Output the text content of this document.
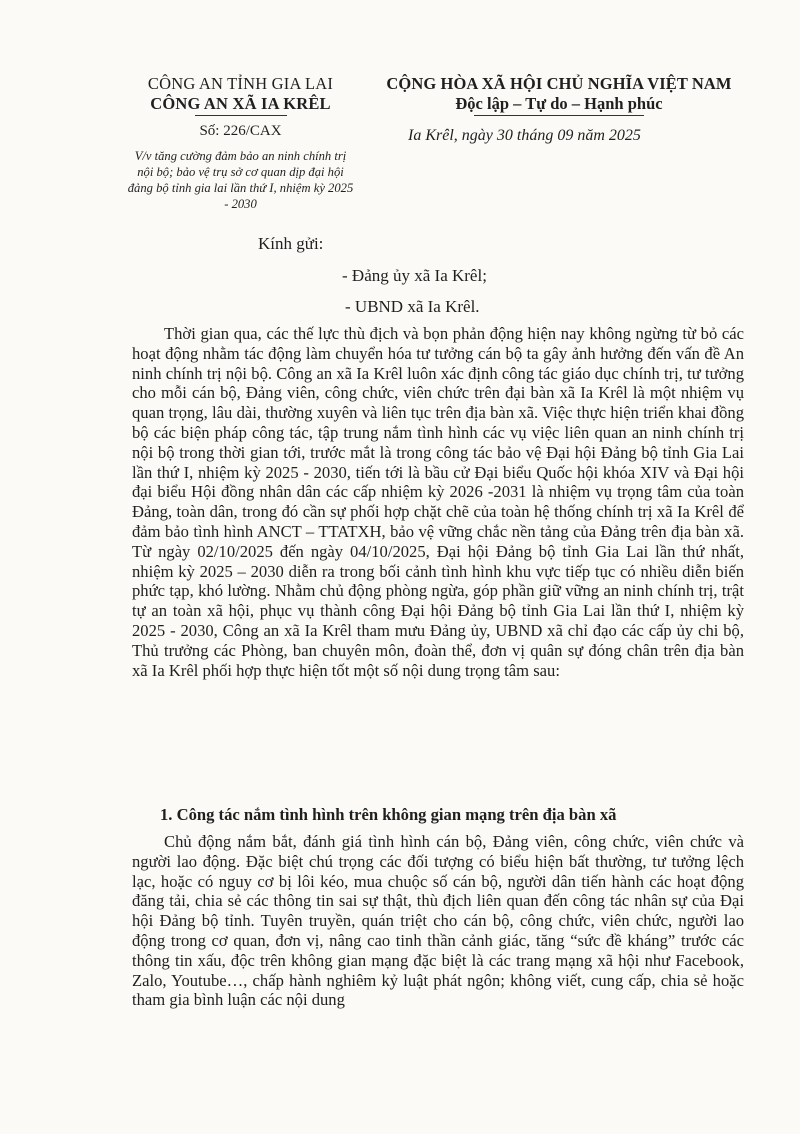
CÔNG AN TỈNH GIA LAI
CÔNG AN XÃ IA KRÊL
Số: 226/CAX
V/v tăng cường đảm bảo an ninh chính trị nội bộ; bảo vệ trụ sở cơ quan dịp đại hội đảng bộ tỉnh gia lai lần thứ I, nhiệm kỳ 2025 - 2030
CỘNG HÒA XÃ HỘI CHỦ NGHĨA VIỆT NAM
Độc lập – Tự do – Hạnh phúc
Ia Krêl, ngày 30 tháng 09 năm 2025
Kính gửi:
- Đảng ủy xã Ia Krêl;
- UBND xã Ia Krêl.

Thời gian qua, các thế lực thù địch và bọn phản động hiện nay không ngừng từ bỏ các hoạt động nhằm tác động làm chuyển hóa tư tưởng cán bộ ta gây ảnh hưởng đến vấn đề An ninh chính trị nội bộ. Công an xã Ia Krêl luôn xác định công tác giáo dục chính trị, tư tưởng cho mỗi cán bộ, Đảng viên, công chức, viên chức trên đại bàn xã Ia Krêl là một nhiệm vụ quan trọng, lâu dài, thường xuyên và liên tục trên địa bàn xã. Việc thực hiện triển khai đồng bộ các biện pháp công tác, tập trung nắm tình hình các vụ việc liên quan an ninh chính trị nội bộ trong thời gian tới, trước mắt là trong công tác bảo vệ Đại hội Đảng bộ tỉnh Gia Lai lần thứ I, nhiệm kỳ 2025 - 2030, tiến tới là bầu cử Đại biểu Quốc hội khóa XIV và Đại hội đại biểu Hội đồng nhân dân các cấp nhiệm kỳ 2026 -2031 là nhiệm vụ trọng tâm của toàn Đảng, toàn dân, trong đó cần sự phối hợp chặt chẽ của toàn hệ thống chính trị xã Ia Krêl để đảm bảo tình hình ANCT – TTATXH, bảo vệ vững chắc nền tảng của Đảng trên địa bàn xã. Từ ngày 02/10/2025 đến ngày 04/10/2025, Đại hội Đảng bộ tỉnh Gia Lai lần thứ nhất, nhiệm kỳ 2025 – 2030 diễn ra trong bối cảnh tình hình khu vực tiếp tục có nhiều diễn biến phức tạp, khó lường. Nhằm chủ động phòng ngừa, góp phần giữ vững an ninh chính trị, trật tự an toàn xã hội, phục vụ thành công Đại hội Đảng bộ tỉnh Gia Lai lần thứ I, nhiệm kỳ 2025 - 2030, Công an xã Ia Krêl tham mưu Đảng ủy, UBND xã chỉ đạo các cấp ủy chi bộ, Thủ trưởng các Phòng, ban chuyên môn, đoàn thể, đơn vị quân sự đóng chân trên địa bàn xã Ia Krêl phối hợp thực hiện tốt một số nội dung trọng tâm sau:

1. Công tác nắm tình hình trên không gian mạng trên địa bàn xã

Chủ động nắm bắt, đánh giá tình hình cán bộ, Đảng viên, công chức, viên chức và người lao động. Đặc biệt chú trọng các đối tượng có biểu hiện bất thường, tư tưởng lệch lạc, hoặc có nguy cơ bị lôi kéo, mua chuộc số cán bộ, người dân tiến hành các hoạt động đăng tải, chia sẻ các thông tin sai sự thật, thù địch liên quan đến công tác nhân sự của Đại hội Đảng bộ tỉnh. Tuyên truyền, quán triệt cho cán bộ, công chức, viên chức, người lao động trong cơ quan, đơn vị, nâng cao tinh thần cảnh giác, tăng “sức đề kháng” trước các thông tin xấu, độc trên không gian mạng đặc biệt là các trang mạng xã hội như Facebook, Zalo, Youtube…, chấp hành nghiêm kỷ luật phát ngôn; không viết, cung cấp, chia sẻ hoặc tham gia bình luận các nội dung
